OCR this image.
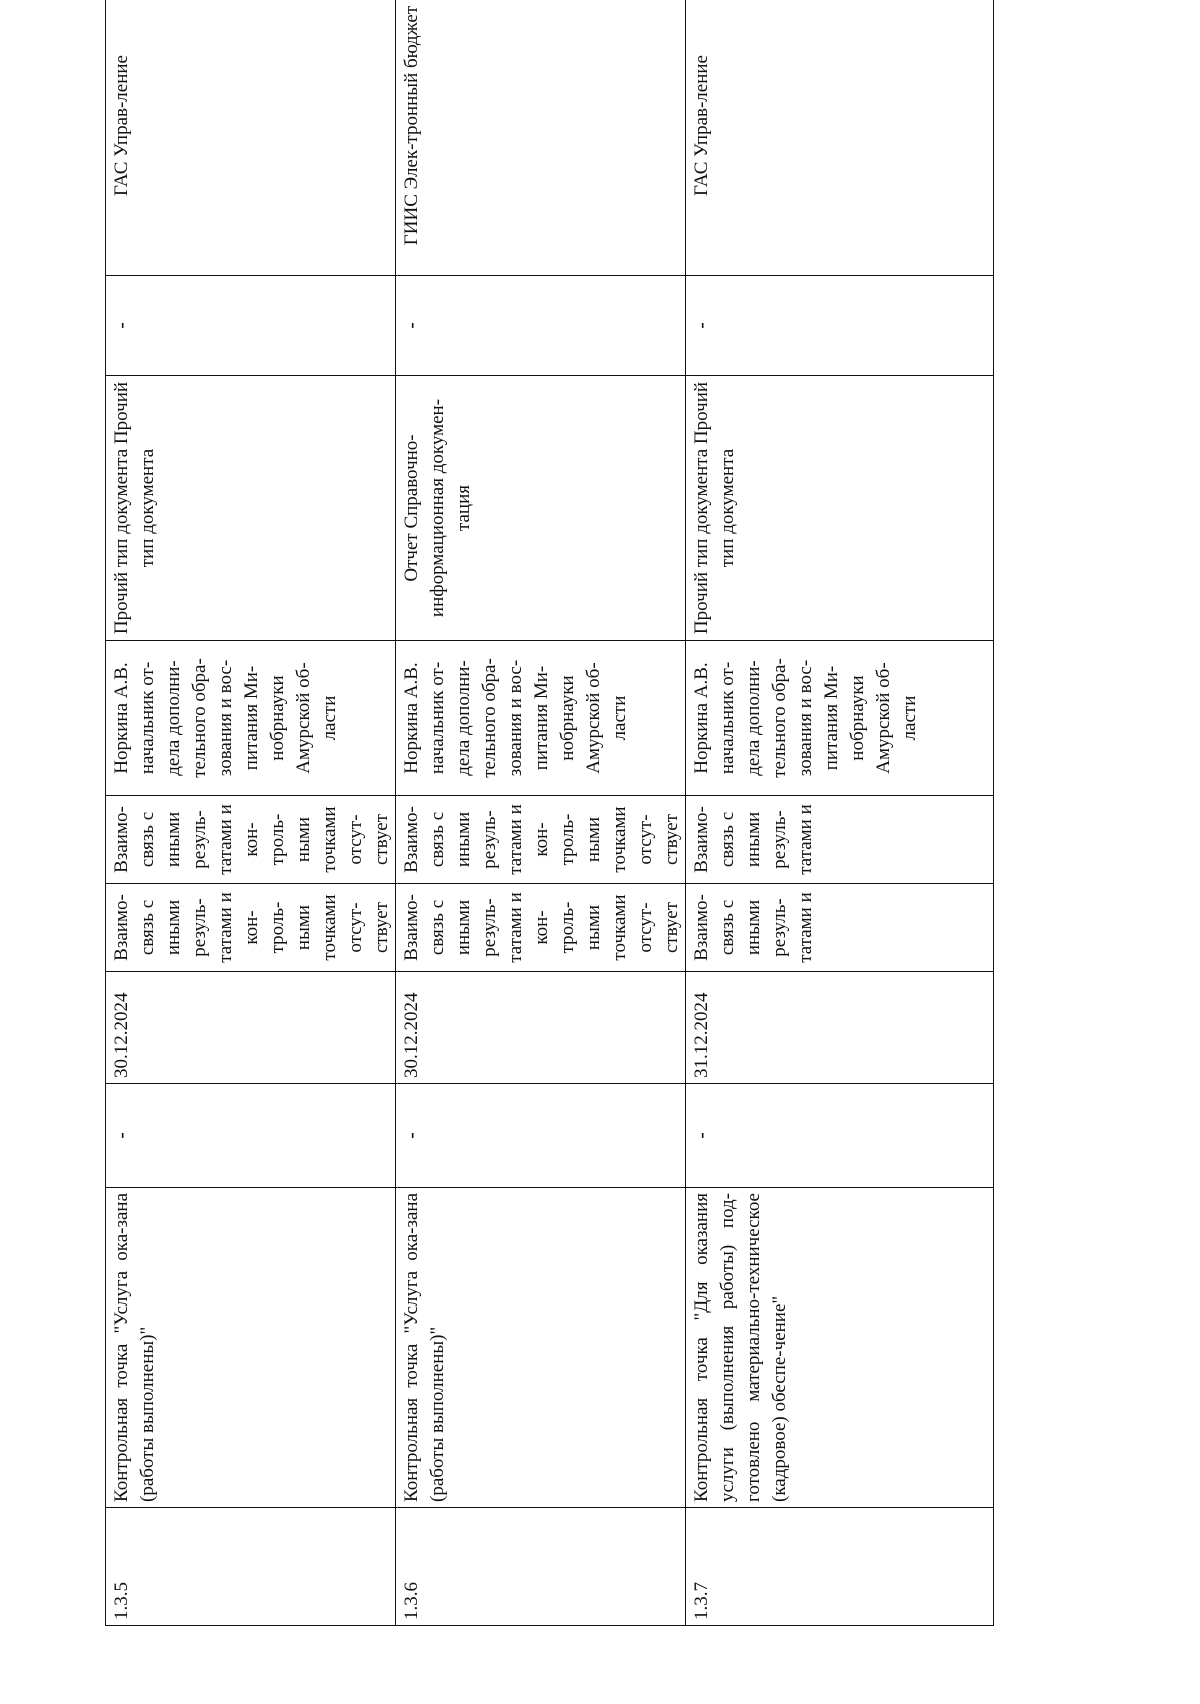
1.3.5	Контрольная точка "Услуга ока-зана (работы выполнены)"	-	30.12.2024	Взаимо-связь с иными резуль-татами и кон-троль-ными точками отсут-ствует	Взаимо-связь с иными резуль-татами и кон-троль-ными точками отсут-ствует	Норкина А.В. начальник от-дела дополни-тельного обра-зования и вос-питания Ми-нобрнауки Амурской об-ласти	Прочий тип документа Прочий тип документа	-	ГАС Управ-ление
1.3.6	Контрольная точка "Услуга ока-зана (работы выполнены)"	-	30.12.2024	Взаимо-связь с иными резуль-татами и кон-троль-ными точками отсут-ствует	Взаимо-связь с иными резуль-татами и кон-троль-ными точками отсут-ствует	Норкина А.В. начальник от-дела дополни-тельного обра-зования и вос-питания Ми-нобрнауки Амурской об-ласти	Отчет Справочно-информационная докумен-тация	-	ГИИС Элек-тронный бюджет
1.3.7	Контрольная точка "Для оказания услуги (выполнения работы) под-готовлено материально-техническое (кадровое) обеспе-чение"	-	31.12.2024	Взаимо-связь с иными резуль-татами и	Взаимо-связь с иными резуль-татами и	Норкина А.В. начальник от-дела дополни-тельного обра-зования и вос-питания Ми-нобрнауки Амурской об-ласти	Прочий тип документа Прочий тип документа	-	ГАС Управ-ление
